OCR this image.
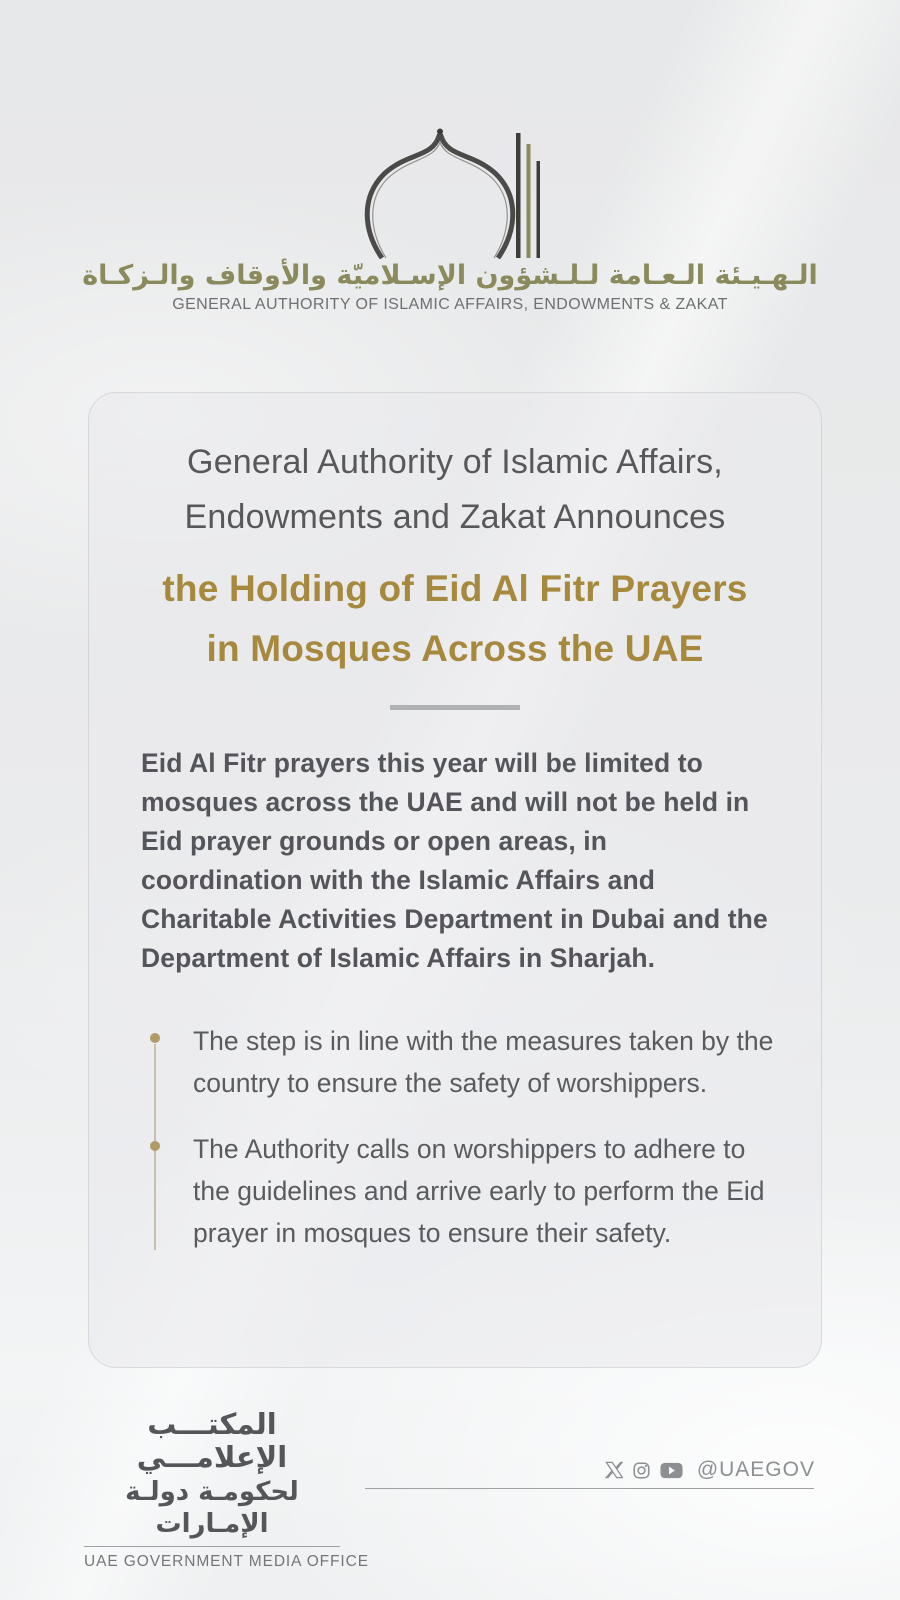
الـهـيـئة الـعـامة لـلـشؤون الإسـلاميّة والأوقاف والـزكـاة
GENERAL AUTHORITY OF ISLAMIC AFFAIRS, ENDOWMENTS & ZAKAT
General Authority of Islamic Affairs,
Endowments and Zakat Announces
the Holding of Eid Al Fitr Prayers
in Mosques Across the UAE
Eid Al Fitr prayers this year will be limited to mosques across the UAE and will not be held in Eid prayer grounds or open areas, in coordination with the Islamic Affairs and Charitable Activities Department in Dubai and the Department of Islamic Affairs in Sharjah.
The step is in line with the measures taken by the country to ensure the safety of worshippers.
The Authority calls on worshippers to adhere to the guidelines and arrive early to perform the Eid prayer in mosques to ensure their safety.
المكتـــب الإعلامـــي
لحكومـة دولـة الإمـارات
UAE GOVERNMENT MEDIA OFFICE
@UAEGOV
